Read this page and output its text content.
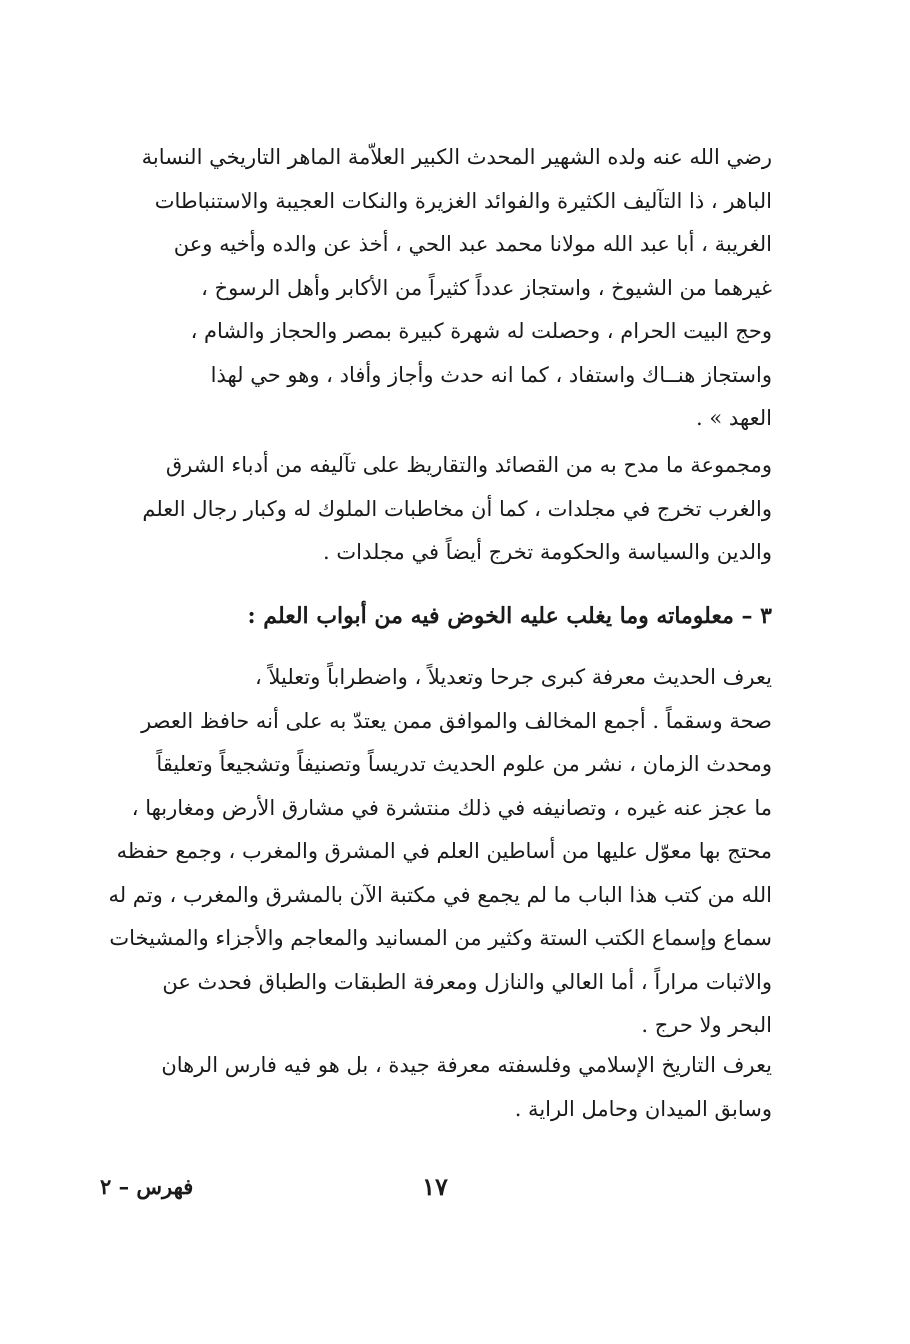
رضي الله عنه ولده الشهير المحدث الكبير العلاّمة الماهر التاريخي النسابة
الباهر ، ذا التآليف الكثيرة والفوائد الغزيرة والنكات العجيبة والاستنباطات
الغريبة ، أبا عبد الله مولانا محمد عبد الحي ، أخذ عن والده وأخيه وعن
غيرهما من الشيوخ ، واستجاز عدداً كثيراً من الأكابر وأهل الرسوخ ،
وحج البيت الحرام ، وحصلت له شهرة كبيرة بمصر والحجاز والشام ،
واستجاز هنــاك واستفاد ، كما انه حدث وأجاز وأفاد ، وهو حي لهذا
العهد » .
ومجموعة ما مدح به من القصائد والتقاريظ على تآليفه من أدباء الشرق
والغرب تخرج في مجلدات ، كما أن مخاطبات الملوك له وكبار رجال العلم
والدين والسياسة والحكومة تخرج أيضاً في مجلدات .
٣ – معلوماته وما يغلب عليه الخوض فيه من أبواب العلم :
يعرف الحديث معرفة كبرى جرحا وتعديلاً ، واضطراباً وتعليلاً ،
صحة وسقماً . أجمع المخالف والموافق ممن يعتدّ به على أنه حافظ العصر
ومحدث الزمان ، نشر من علوم الحديث تدريساً وتصنيفاً وتشجيعاً وتعليقاً
ما عجز عنه غيره ، وتصانيفه في ذلك منتشرة في مشارق الأرض ومغاربها ،
محتج بها معوّل عليها من أساطين العلم في المشرق والمغرب ، وجمع حفظه
الله من كتب هذا الباب ما لم يجمع في مكتبة الآن بالمشرق والمغرب ، وتم له
سماع وإسماع الكتب الستة وكثير من المسانيد والمعاجم والأجزاء والمشيخات
والاثبات مراراً ، أما العالي والنازل ومعرفة الطبقات والطباق فحدث عن
البحر ولا حرج .
يعرف التاريخ الإسلامي وفلسفته معرفة جيدة ، بل هو فيه فارس الرهان
وسابق الميدان وحامل الراية .
١٧
فهرس – ٢
